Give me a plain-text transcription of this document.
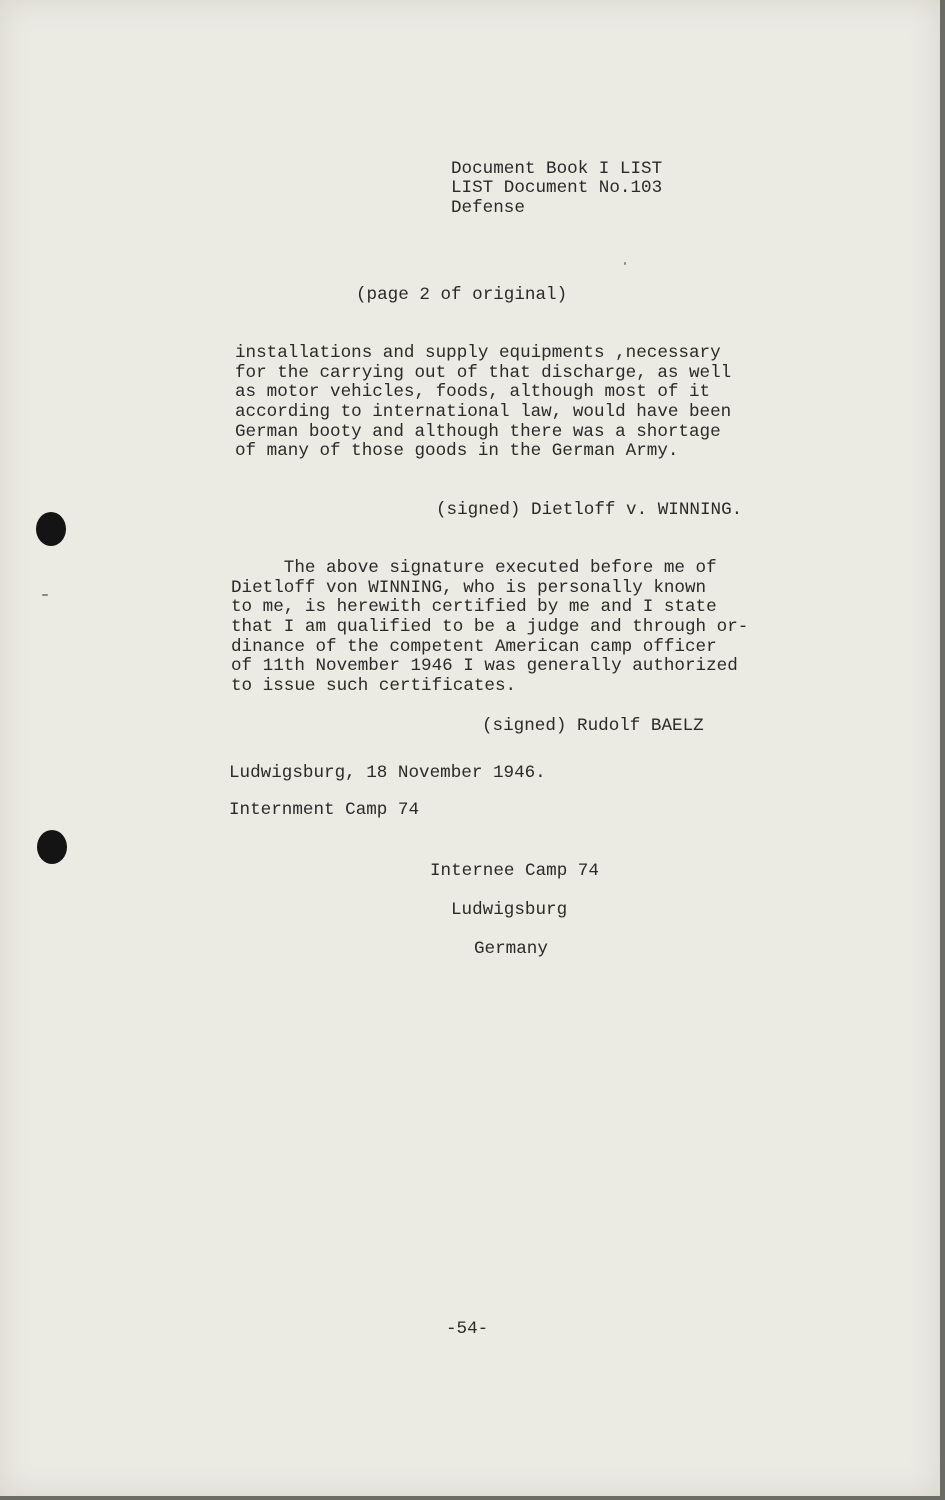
Document Book I LIST
LIST Document No.103
Defense
(page 2 of original)
installations and supply equipments ,necessary
for the carrying out of that discharge, as well
as motor vehicles, foods, although most of it
according to international law, would have been
German booty and although there was a shortage
of many of those goods in the German Army.
(signed) Dietloff v. WINNING.
The above signature executed before me of
Dietloff von WINNING, who is personally known
to me, is herewith certified by me and I state
that I am qualified to be a judge and through or-
dinance of the competent American camp officer
of 11th November 1946 I was generally authorized
to issue such certificates.
(signed) Rudolf BAELZ
Ludwigsburg, 18 November 1946.
Internment Camp 74
Internee Camp 74
Ludwigsburg
Germany
-54-
